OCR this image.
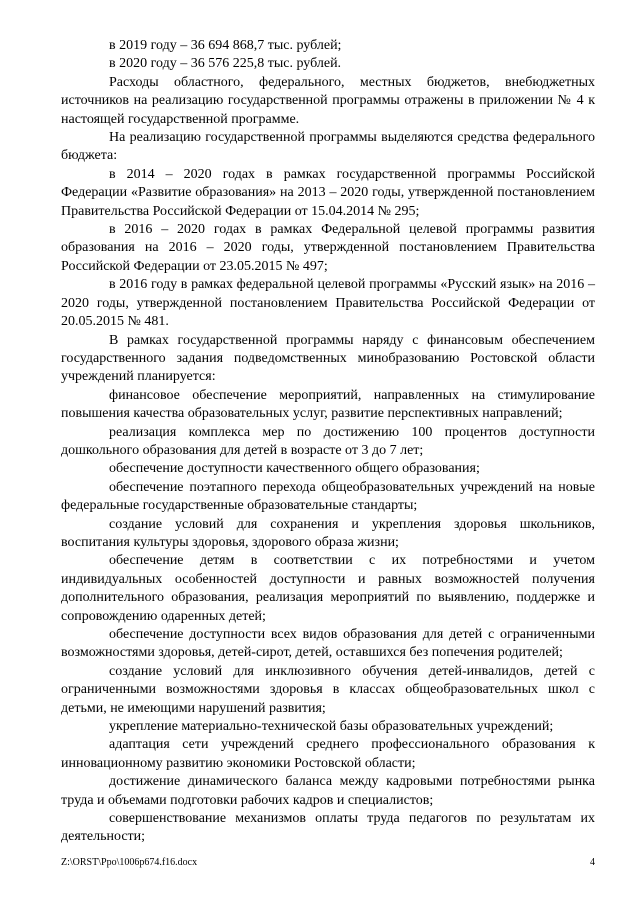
в 2019 году – 36 694 868,7 тыс. рублей;

в 2020 году – 36 576 225,8 тыс. рублей.

Расходы областного, федерального, местных бюджетов, внебюджетных источников на реализацию государственной программы отражены в приложении № 4 к настоящей государственной программе.

На реализацию государственной программы выделяются средства федерального бюджета:

в 2014 – 2020 годах в рамках государственной программы Российской Федерации «Развитие образования» на 2013 – 2020 годы, утвержденной постановлением Правительства Российской Федерации от 15.04.2014 № 295;

в 2016 – 2020 годах в рамках Федеральной целевой программы развития образования на 2016 – 2020 годы, утвержденной постановлением Правительства Российской Федерации от 23.05.2015 № 497;

в 2016 году в рамках федеральной целевой программы «Русский язык» на 2016 – 2020 годы, утвержденной постановлением Правительства Российской Федерации от 20.05.2015 № 481.

В рамках государственной программы наряду с финансовым обеспечением государственного задания подведомственных минобразованию Ростовской области учреждений планируется:

финансовое обеспечение мероприятий, направленных на стимулирование повышения качества образовательных услуг, развитие перспективных направлений;

реализация комплекса мер по достижению 100 процентов доступности дошкольного образования для детей в возрасте от 3 до 7 лет;

обеспечение доступности качественного общего образования;

обеспечение поэтапного перехода общеобразовательных учреждений на новые федеральные государственные образовательные стандарты;

создание условий для сохранения и укрепления здоровья школьников, воспитания культуры здоровья, здорового образа жизни;

обеспечение детям в соответствии с их потребностями и учетом индивидуальных особенностей доступности и равных возможностей получения дополнительного образования, реализация мероприятий по выявлению, поддержке и сопровождению одаренных детей;

обеспечение доступности всех видов образования для детей с ограниченными возможностями здоровья, детей-сирот, детей, оставшихся без попечения родителей;

создание условий для инклюзивного обучения детей-инвалидов, детей с ограниченными возможностями здоровья в классах общеобразовательных школ с детьми, не имеющими нарушений развития;

укрепление материально-технической базы образовательных учреждений;

адаптация сети учреждений среднего профессионального образования к инновационному развитию экономики Ростовской области;

достижение динамического баланса между кадровыми потребностями рынка труда и объемами подготовки рабочих кадров и специалистов;

совершенствование механизмов оплаты труда педагогов по результатам их деятельности;

Z:\ORST\Ppo\1006p674.f16.docx	4
